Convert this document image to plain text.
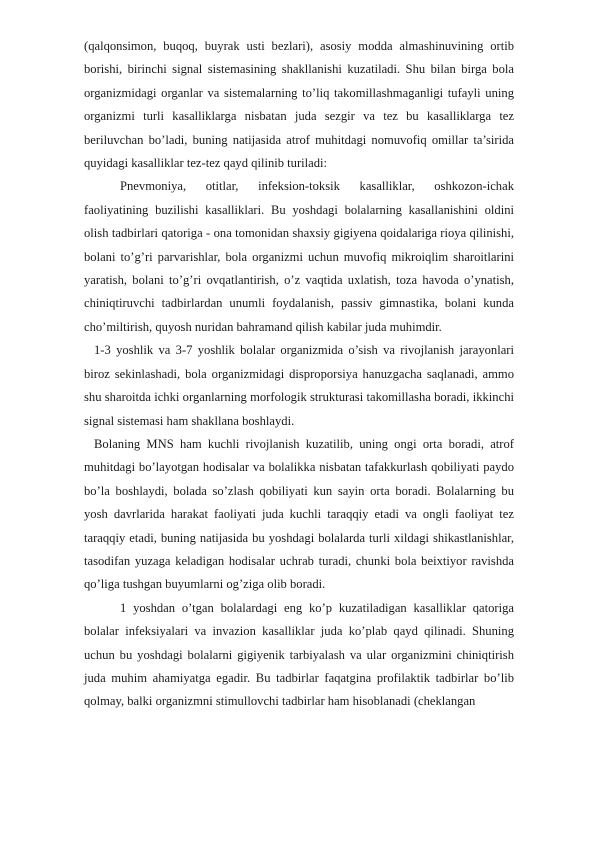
(qalqonsimon, buqoq, buyrak usti bezlari), asosiy modda almashinuvining ortib borishi, birinchi signal sistemasining shakllanishi kuzatiladi. Shu bilan birga bola organizmidagi organlar va sistemalarning to’liq takomillashmaganligi tufayli uning organizmi turli kasalliklarga nisbatan juda sezgir va tez bu kasalliklarga tez beriluvchan bo’ladi, buning natijasida atrof muhitdagi nomuvofiq omillar ta’sirida quyidagi kasalliklar tez-tez qayd qilinib turiladi:

Pnevmoniya, otitlar, infeksion-toksik kasalliklar, oshkozon-ichak faoliyatining buzilishi kasalliklari. Bu yoshdagi bolalarning kasallanishini oldini olish tadbirlari qatoriga - ona tomonidan shaxsiy gigiyena qoidalariga rioya qilinishi, bolani to’g’ri parvarishlar, bola organizmi uchun muvofiq mikroiqlim sharoitlarini yaratish, bolani to’g’ri ovqatlantirish, o’z vaqtida uxlatish, toza havoda o’ynatish, chiniqtiruvchi tadbirlardan unumli foydalanish, passiv gimnastika, bolani kunda cho’miltirish, quyosh nuridan bahramand qilish kabilar juda muhimdir.

1-3 yoshlik va 3-7 yoshlik bolalar organizmida o’sish va rivojlanish jarayonlari biroz sekinlashadi, bola organizmidagi disproporsiya hanuzgacha saqlanadi, ammo shu sharoitda ichki organlarning morfologik strukturasi takomillasha boradi, ikkinchi signal sistemasi ham shakllana boshlaydi.

Bolaning MNS ham kuchli rivojlanish kuzatilib, uning ongi orta boradi, atrof muhitdagi bo’layotgan hodisalar va bolalikka nisbatan tafakkurlash qobiliyati paydo bo’la boshlaydi, bolada so’zlash qobiliyati kun sayin orta boradi. Bolalarning bu yosh davrlarida harakat faoliyati juda kuchli taraqqiy etadi va ongli faoliyat tez taraqqiy etadi, buning natijasida bu yoshdagi bolalarda turli xildagi shikastlanishlar, tasodifan yuzaga keladigan hodisalar uchrab turadi, chunki bola beixtiyor ravishda qo’liga tushgan buyumlarni og’ziga olib boradi.

1 yoshdan o’tgan bolalardagi eng ko’p kuzatiladigan kasalliklar qatoriga bolalar infeksiyalari va invazion kasalliklar juda ko’plab qayd qilinadi. Shuning uchun bu yoshdagi bolalarni gigiyenik tarbiyalash va ular organizmini chiniqtirish juda muhim ahamiyatga egadir. Bu tadbirlar faqatgina profilaktik tadbirlar bo’lib qolmay, balki organizmni stimullovchi tadbirlar ham hisoblanadi (cheklangan
